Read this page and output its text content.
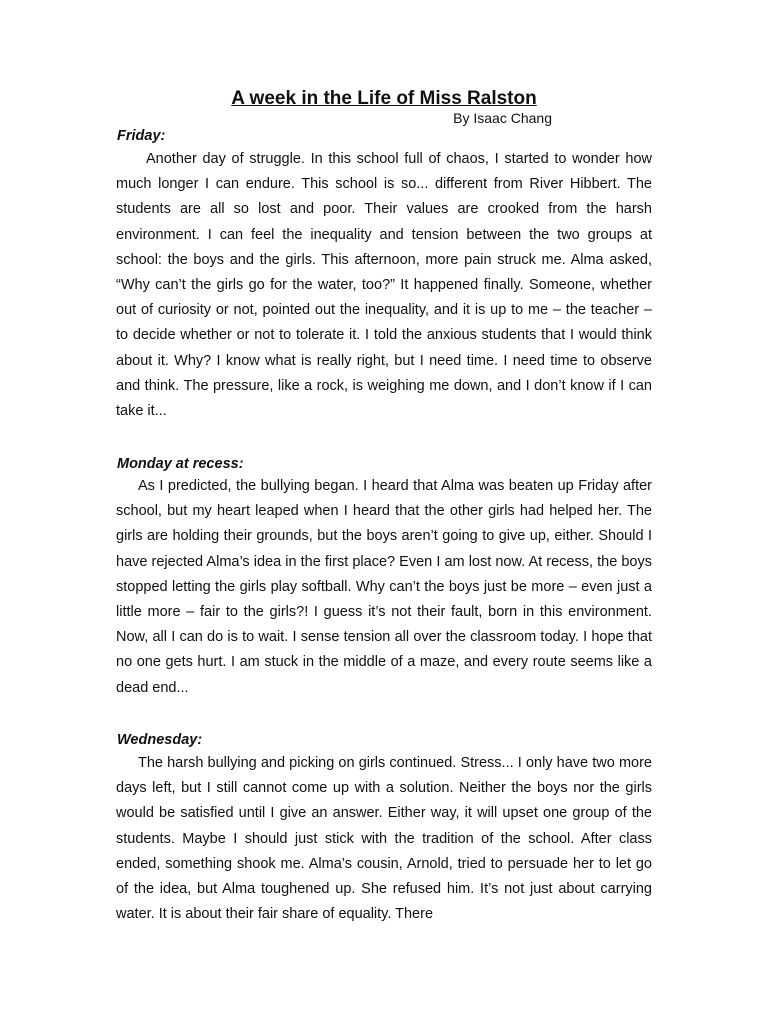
A week in the Life of Miss Ralston
By Isaac Chang
Friday:
Another day of struggle. In this school full of chaos, I started to wonder how much longer I can endure. This school is so... different from River Hibbert. The students are all so lost and poor. Their values are crooked from the harsh environment. I can feel the inequality and tension between the two groups at school: the boys and the girls. This afternoon, more pain struck me. Alma asked, “Why can’t the girls go for the water, too?” It happened finally. Someone, whether out of curiosity or not, pointed out the inequality, and it is up to me – the teacher – to decide whether or not to tolerate it. I told the anxious students that I would think about it. Why? I know what is really right, but I need time. I need time to observe and think. The pressure, like a rock, is weighing me down, and I don’t know if I can take it...
Monday at recess:
As I predicted, the bullying began. I heard that Alma was beaten up Friday after school, but my heart leaped when I heard that the other girls had helped her. The girls are holding their grounds, but the boys aren’t going to give up, either. Should I have rejected Alma’s idea in the first place? Even I am lost now. At recess, the boys stopped letting the girls play softball. Why can’t the boys just be more – even just a little more – fair to the girls?! I guess it’s not their fault, born in this environment. Now, all I can do is to wait. I sense tension all over the classroom today. I hope that no one gets hurt. I am stuck in the middle of a maze, and every route seems like a dead end...
Wednesday:
The harsh bullying and picking on girls continued. Stress... I only have two more days left, but I still cannot come up with a solution. Neither the boys nor the girls would be satisfied until I give an answer. Either way, it will upset one group of the students. Maybe I should just stick with the tradition of the school. After class ended, something shook me. Alma’s cousin, Arnold, tried to persuade her to let go of the idea, but Alma toughened up. She refused him. It’s not just about carrying water. It is about their fair share of equality. There
